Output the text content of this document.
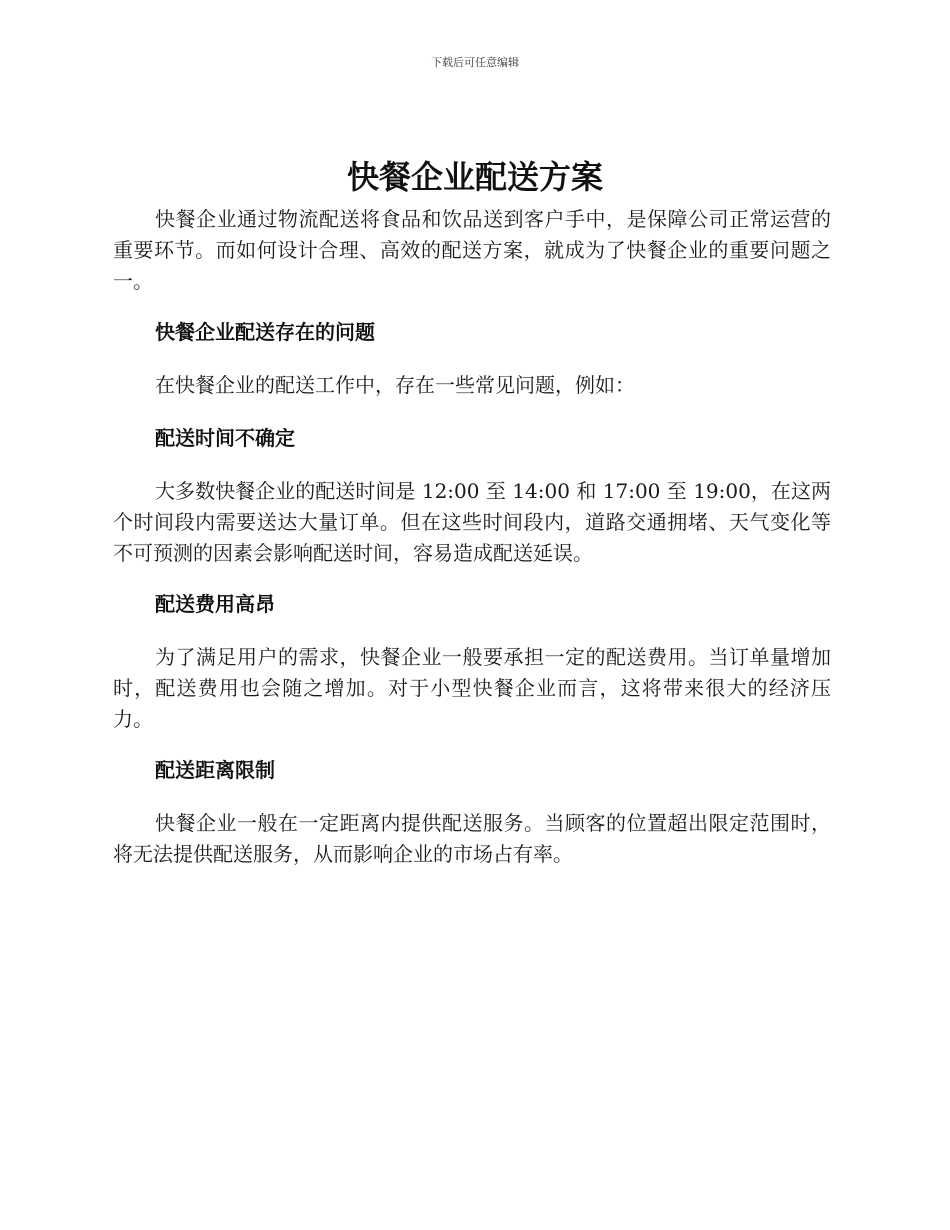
下载后可任意编辑
快餐企业配送方案

快餐企业通过物流配送将食品和饮品送到客户手中，是保障公司正常运营的重要环节。而如何设计合理、高效的配送方案，就成为了快餐企业的重要问题之一。

快餐企业配送存在的问题

在快餐企业的配送工作中，存在一些常见问题，例如：

配送时间不确定

大多数快餐企业的配送时间是 12:00 至 14:00 和 17:00 至 19:00，在这两个时间段内需要送达大量订单。但在这些时间段内，道路交通拥堵、天气变化等不可预测的因素会影响配送时间，容易造成配送延误。

配送费用高昂

为了满足用户的需求，快餐企业一般要承担一定的配送费用。当订单量增加时，配送费用也会随之增加。对于小型快餐企业而言，这将带来很大的经济压力。

配送距离限制

快餐企业一般在一定距离内提供配送服务。当顾客的位置超出限定范围时，将无法提供配送服务，从而影响企业的市场占有率。
